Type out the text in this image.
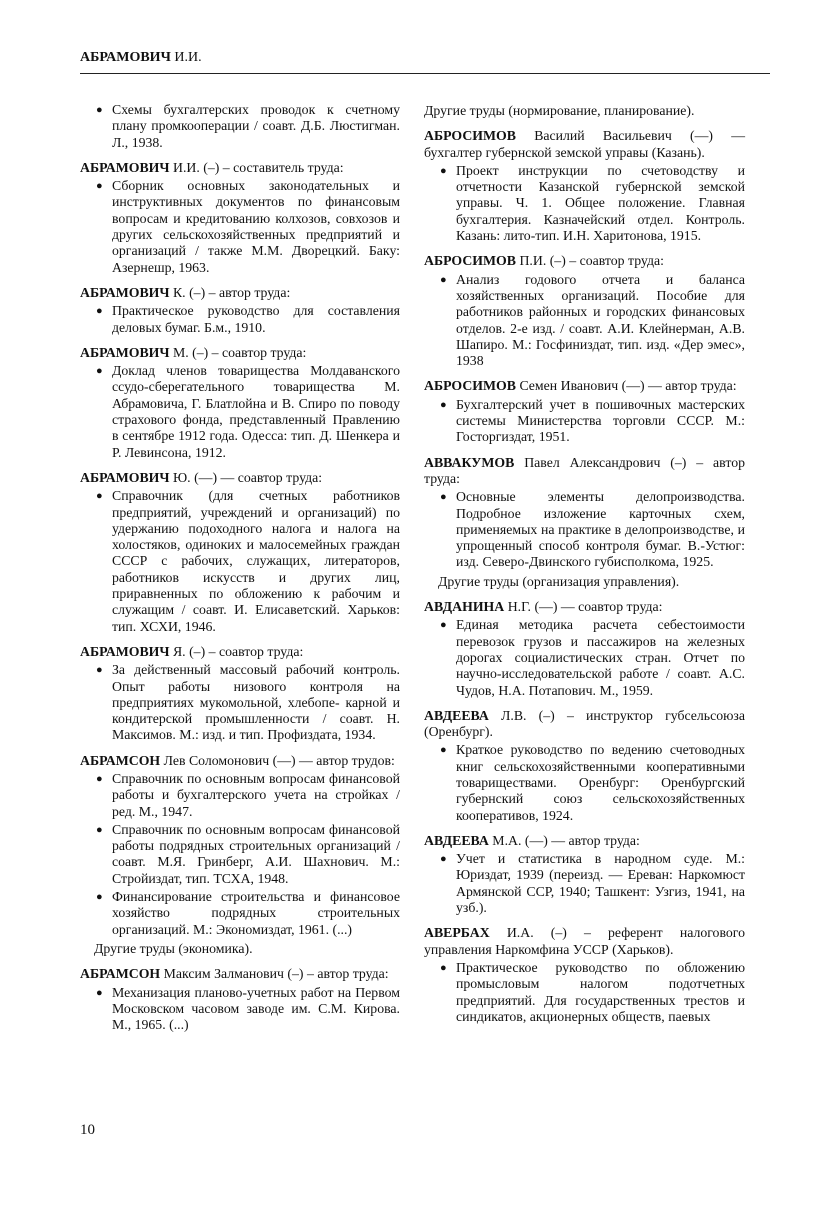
АБРАМОВИЧ И.И.
● Схемы бухгалтерских проводок к счетному плану промкооперации / соавт. Д.Б. Люстигман. Л., 1938.
АБРАМОВИЧ И.И. (–) – составитель труда:
● Сборник основных законодательных и инструктивных документов по финансовым вопросам и кредитованию колхозов, совхозов и других сельскохозяйственных предприятий и организаций / также М.М. Дворецкий. Баку: Азернешр, 1963.
АБРАМОВИЧ К. (–) – автор труда:
● Практическое руководство для составления деловых бумаг. Б.м., 1910.
АБРАМОВИЧ М. (–) – соавтор труда:
● Доклад членов товарищества Молдаванского ссудо-сберегательного товарищества М. Абрамовича, Г. Блатлойна и В. Спиро по поводу страхового фонда, представленный Правлению в сентябре 1912 года. Одесса: тип. Д. Шенкера и Р. Левинсона, 1912.
АБРАМОВИЧ Ю. (—) — соавтор труда:
● Справочник (для счетных работников предприятий, учреждений и организаций) по удержанию подоходного налога и налога на холостяков, одиноких и малосемейных граждан СССР с рабочих, служащих, литераторов, работников искусств и других лиц, приравненных по обложению к рабочим и служащим / соавт. И. Елисаветский. Харьков: тип. ХСХИ, 1946.
АБРАМОВИЧ Я. (–) – соавтор труда:
● За действенный массовый рабочий контроль. Опыт работы низового контроля на предприятиях мукомольной, хлебопе- карной и кондитерской промышленности / соавт. Н. Максимов. М.: изд. и тип. Профиздата, 1934.
АБРАМСОН Лев Соломонович (—) — автор трудов:
● Справочник по основным вопросам финансовой работы и бухгалтерского учета на стройках / ред. М., 1947.
● Справочник по основным вопросам финансовой работы подрядных строительных организаций / соавт. М.Я. Гринберг, А.И. Шахнович. М.: Стройиздат, тип. ТСХА, 1948.
● Финансирование строительства и финансовое хозяйство подрядных строительных организаций. М.: Экономиздат, 1961. (...)
Другие труды (экономика).
АБРАМСОН Максим Залманович (–) – автор труда:
● Механизация планово-учетных работ на Первом Московском часовом заводе им. С.М. Кирова. М., 1965. (...)
Другие труды (нормирование, планирование).
АБРОСИМОВ Василий Васильевич (—) — бухгалтер губернской земской управы (Казань).
● Проект инструкции по счетоводству и отчетности Казанской губернской земской управы. Ч. 1. Общее положение. Главная бухгалтерия. Казначейский отдел. Контроль. Казань: лито-тип. И.Н. Харитонова, 1915.
АБРОСИМОВ П.И. (–) – соавтор труда:
● Анализ годового отчета и баланса хозяйственных организаций. Пособие для работников районных и городских финансовых отделов. 2-е изд. / соавт. А.И. Клейнерман, А.В. Шапиро. М.: Госфиниздат, тип. изд. «Дер эмес», 1938
АБРОСИМОВ Семен Иванович (—) — автор труда:
● Бухгалтерский учет в пошивочных мастерских системы Министерства торговли СССР. М.: Госторгиздат, 1951.
АВВАКУМОВ Павел Александрович (–) – автор труда:
● Основные элементы делопроизводства. Подробное изложение карточных схем, применяемых на практике в делопроизводстве, и упрощенный способ контроля бумаг. В.-Устюг: изд. Северо-Двинского губисполкома, 1925.
Другие труды (организация управления).
АВДАНИНА Н.Г. (—) — соавтор труда:
● Единая методика расчета себестоимости перевозок грузов и пассажиров на железных дорогах социалистических стран. Отчет по научно-исследовательской работе / соавт. А.С. Чудов, Н.А. Потапович. М., 1959.
АВДЕЕВА Л.В. (–) – инструктор губсельсоюза (Оренбург).
● Краткое руководство по ведению счетоводных книг сельскохозяйственными кооперативными товариществами. Оренбург: Оренбургский губернский союз сельскохозяйственных кооперативов, 1924.
АВДЕЕВА М.А. (—) — автор труда:
● Учет и статистика в народном суде. М.: Юриздат, 1939 (переизд. — Ереван: Наркомюст Армянской ССР, 1940; Ташкент: Узгиз, 1941, на узб.).
АВЕРБАХ И.А. (–) – референт налогового управления Наркомфина УССР (Харьков).
● Практическое руководство по обложению промысловым налогом подотчетных предприятий. Для государственных трестов и синдикатов, акционерных обществ, паевых
10
